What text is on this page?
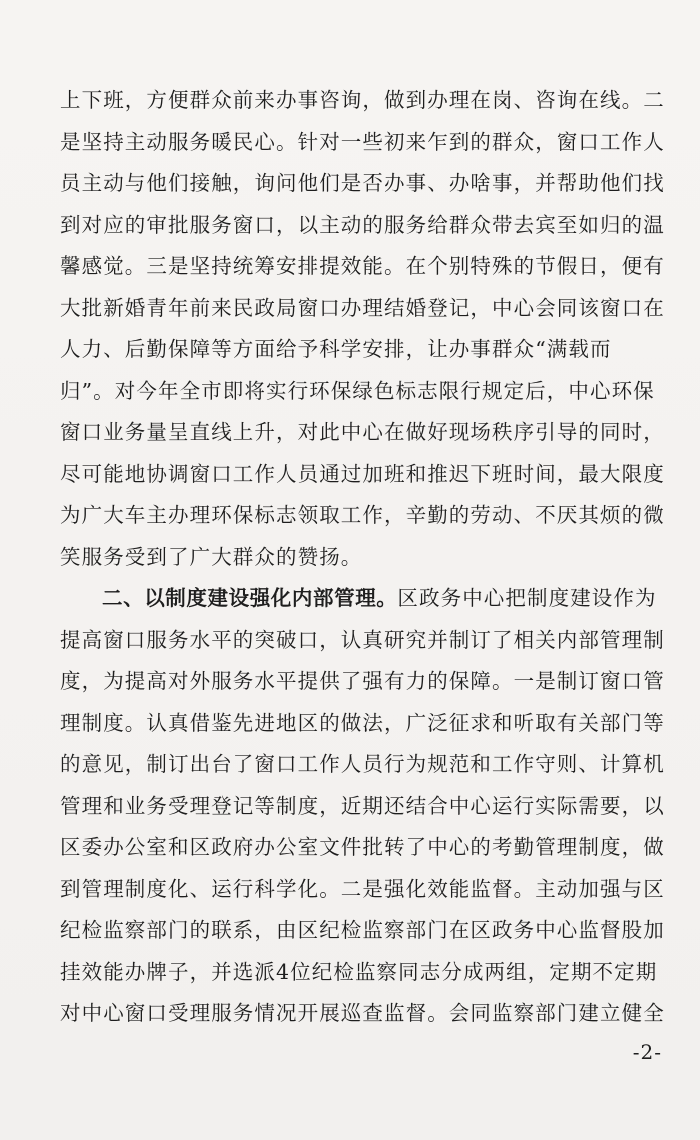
上下班，方便群众前来办事咨询，做到办理在岗、咨询在线。二
是坚持主动服务暖民心。针对一些初来乍到的群众，窗口工作人
员主动与他们接触，询问他们是否办事、办啥事，并帮助他们找
到对应的审批服务窗口，以主动的服务给群众带去宾至如归的温
馨感觉。三是坚持统筹安排提效能。在个别特殊的节假日，便有
大批新婚青年前来民政局窗口办理结婚登记，中心会同该窗口在
人力、后勤保障等方面给予科学安排，让办事群众“满载而
归”。对今年全市即将实行环保绿色标志限行规定后，中心环保
窗口业务量呈直线上升，对此中心在做好现场秩序引导的同时，
尽可能地协调窗口工作人员通过加班和推迟下班时间，最大限度
为广大车主办理环保标志领取工作，辛勤的劳动、不厌其烦的微
笑服务受到了广大群众的赞扬。
二、以制度建设强化内部管理。区政务中心把制度建设作为
提高窗口服务水平的突破口，认真研究并制订了相关内部管理制
度，为提高对外服务水平提供了强有力的保障。一是制订窗口管
理制度。认真借鉴先进地区的做法，广泛征求和听取有关部门等
的意见，制订出台了窗口工作人员行为规范和工作守则、计算机
管理和业务受理登记等制度，近期还结合中心运行实际需要，以
区委办公室和区政府办公室文件批转了中心的考勤管理制度，做
到管理制度化、运行科学化。二是强化效能监督。主动加强与区
纪检监察部门的联系，由区纪检监察部门在区政务中心监督股加
挂效能办牌子，并选派4位纪检监察同志分成两组，定期不定期
对中心窗口受理服务情况开展巡查监督。会同监察部门建立健全
-2-
